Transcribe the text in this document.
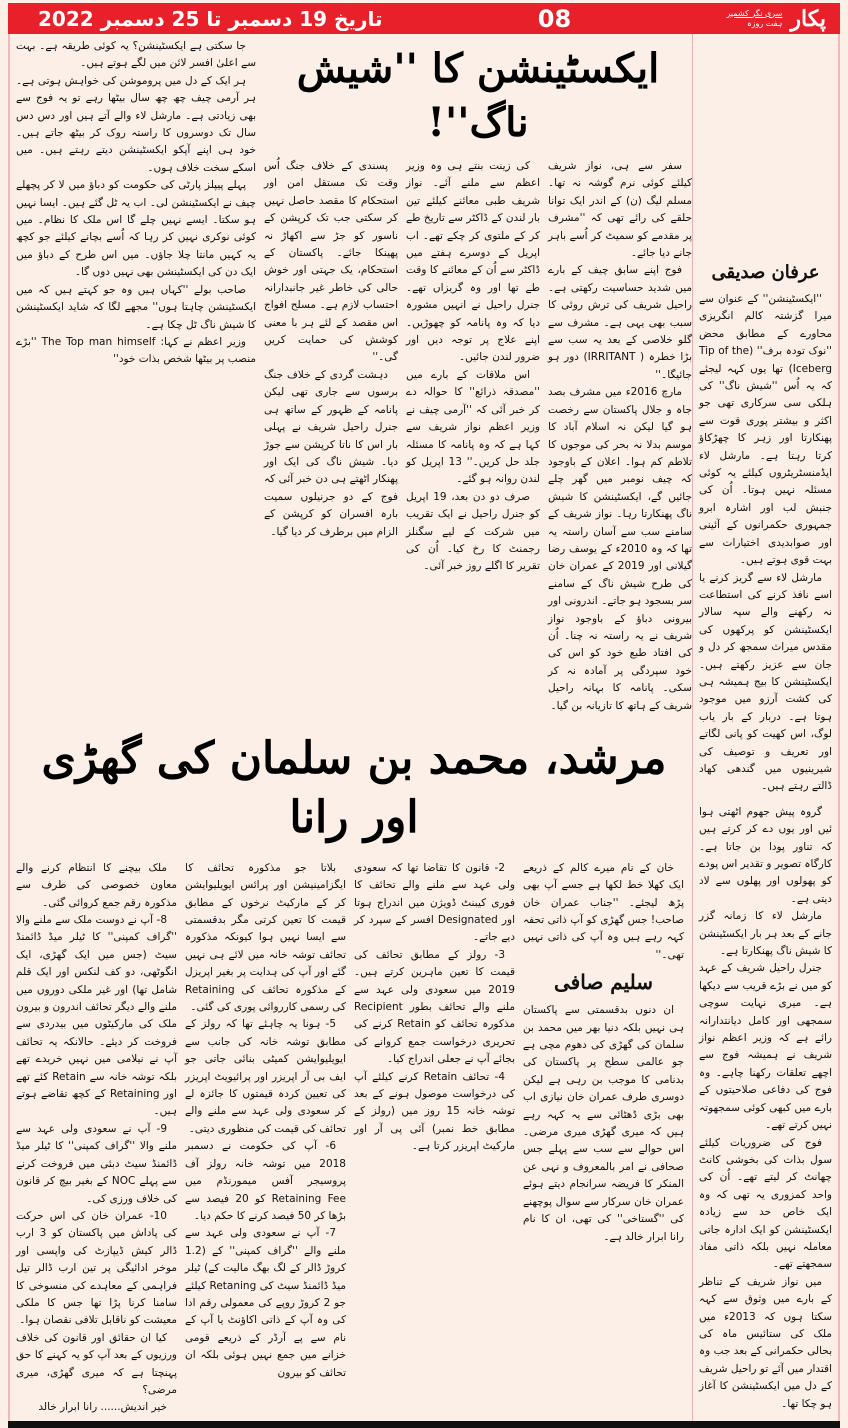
تاریخ 19 دسمبر تا 25 دسمبر 2022	08	پکار
سری نگر کشمیر
ہفت روزہ

جا سکتی ہے ایکسٹینشن؟ یہ کوئی طریقہ ہے۔ بہت سے اعلیٰ افسر لائن میں لگے ہوتے ہیں۔

ہر ایک کے دل میں پروموشن کی خواہش ہوتی ہے۔ ہر آرمی چیف چھ چھ سال بیٹھا رہے تو یہ فوج سے بھی زیادتی ہے۔ مارشل لاء والے آتے ہیں اور دس دس سال تک دوسروں کا راستہ روک کر بیٹھ جاتے ہیں۔ خود ہی اپنے آپکو ایکسٹینشن دیتے رہتے ہیں۔ میں اسکے سخت خلاف ہوں۔

پہلے پیپلز پارٹی کی حکومت کو دباؤ میں لا کر پچھلے چیف نے ایکسٹینشن لی۔ اب یہ ٹل گئے ہیں۔ ایسا نہیں ہو سکتا۔ ایسے نہیں چلے گا اس ملک کا نظام۔ میں کوئی نوکری نہیں کر رہا کہ اُسے بچانے کیلئے جو کچھ یہ کہیں مانتا چلا جاؤں۔ میں اس طرح کے دباؤ میں ایک دن کی ایکسٹینشن بھی نہیں دوں گا۔

صاحب بولے ''کہاں ہیں وہ جو کہتے ہیں کہ میں ایکسٹینشن چاہتا ہوں'' مجھے لگا کہ شاید ایکسٹینشن کا شیش ناگ ٹل چکا ہے۔

وزیر اعظم نے کہا: The Top man himself ''بڑے منصب پر بیٹھا شخص بذات خود''

ایکسٹینشن کا ''شیش ناگ''!

پسندی کے خلاف جنگ اُس وقت تک مستقل امن اور استحکام کا مقصد حاصل نہیں کر سکتی جب تک کرپشن کے ناسور کو جڑ سے اکھاڑ نہ پھینکا جائے۔ پاکستان کے استحکام، یک جہتی اور خوش حالی کی خاطر غیر جانبدارانہ احتساب لازم ہے۔ مسلح افواج اس مقصد کے لئے ہر با معنی کوشش کی حمایت کریں گی۔''

دہشت گردی کے خلاف جنگ برسوں سے جاری تھی لیکن پانامہ کے ظہور کے ساتھ ہی جنرل راحیل شریف نے پہلی بار اس کا ناتا کرپشن سے جوڑ دیا۔ شیش ناگ کی ایک اور پھنکار اٹھتے ہی دن خبر آئی کہ فوج کے دو جرنیلوں سمیت بارہ افسران کو کرپشن کے الزام میں برطرف کر دیا گیا۔

کی زینت بنتے ہی وہ وزیر اعظم سے ملنے آئے۔ نواز شریف طبی معائنے کیلئے تین بار لندن کے ڈاکٹر سے تاریخ طے کر کے ملتوی کر چکے تھے۔ اب اپریل کے دوسرے ہفتے میں ڈاکٹر سے اُن کے معائنے کا وقت طے تھا اور وہ گریزاں تھے۔ جنرل راحیل نے انہیں مشورہ دیا کہ وہ پانامہ کو چھوڑیں۔ اپنے علاج پر توجہ دیں اور ضرور لندن جائیں۔

اس ملاقات کے بارے میں ''مصدقہ ذرائع'' کا حوالہ دے کر خبر آئی کہ ''آرمی چیف نے وزیر اعظم نواز شریف سے کہا ہے کہ وہ پانامہ کا مسئلہ جلد حل کریں۔'' 13 اپریل کو لندن روانہ ہو گئے۔

صرف دو دن بعد، 19 اپریل کو جنرل راحیل نے ایک تقریب میں شرکت کے لیے سگنلز رجمنٹ کا رخ کیا۔ اُن کی تقریر کا اگلے روز خبر آئی۔

سفر سے ہی، نواز شریف کیلئے کوئی نرم گوشہ نہ تھا۔ مسلم لیگ (ن) کے اندر ایک توانا حلقے کی رائے تھی کہ ''مشرف پر مقدمے کو سمیٹ کر اُسے باہر جانے دیا جائے۔

فوج اپنے سابق چیف کے بارے میں شدید حساسیت رکھتی ہے۔ راحیل شریف کی ترش روئی کا سبب بھی یہی ہے۔ مشرف سے گلو خلاصی کے بعد یہ سب سے بڑا خطرہ ( IRRITANT) دور ہو جائیگا۔''

مارچ 2016ء میں مشرف بصد جاہ و جلال پاکستان سے رخصت ہو گیا لیکن نہ اسلام آباد کا موسم بدلا نہ بحر کی موجوں کا تلاطم کم ہوا۔ اعلان کے باوجود کہ چیف نومبر میں گھر چلے جائیں گے، ایکسٹینشن کا شیش ناگ پھنکارتا رہا۔ نواز شریف کے سامنے سب سے آسان راستہ یہ تھا کہ وہ 2010ء کے یوسف رضا گیلانی اور 2019 کے عمران خان کی طرح شیش ناگ کے سامنے سر بسجود ہو جاتے۔ اندرونی اور بیرونی دباؤ کے باوجود نواز شریف نے یہ راستہ نہ چنا۔ اُن کی افتاد طبع خود کو اس کی خود سپردگی پر آمادہ نہ کر سکی۔ پانامہ کا بہانہ راحیل شریف کے ہاتھ کا تازیانہ بن گیا۔

مرشد، محمد بن سلمان کی گھڑی اور رانا

ملک بیچنے کا انتظام کرنے والے معاون خصوصی کی طرف سے مذکورہ رقم جمع کروائی گئی۔

8- آپ نے دوست ملک سے ملنے والا ''گراف کمپنی'' کا ٹیلر میڈ ڈائمنڈ سیٹ (جس میں ایک گھڑی، ایک انگوٹھی، دو کف لنکس اور ایک قلم شامل تھا) اور غیر ملکی دوروں میں ملنے والے دیگر تحائف اندرون و بیرون ملک کی مارکیٹوں میں بیدردی سے فروخت کر دیئے۔ حالانکہ یہ تحائف آپ نے نیلامی میں نہیں خریدے تھے بلکہ توشہ خانہ سے Retain کئے تھے اور Retaining کے کچھ تقاضے ہوتے ہیں۔

9- آپ نے سعودی ولی عہد سے ملنے والا ''گراف کمپنی'' کا ٹیلر میڈ ڈائمنڈ سیٹ دبئی میں فروخت کرنے سے پہلے NOC کے بغیر بیچ کر قانون کی خلاف ورزی کی۔

10- عمران خان کی اس حرکت کی پاداش میں پاکستان کو 3 ارب ڈالر کیش ڈیپازٹ کی واپسی اور موخر ادائیگی پر تین ارب ڈالر تیل فراہمی کے معاہدے کی منسوخی کا سامنا کرنا پڑا تھا جس کا ملکی معیشت کو ناقابل تلافی نقصان ہوا۔

کیا ان حقائق اور قانون کی خلاف ورزیوں کے بعد آپ کو یہ کہنے کا حق پہنچتا ہے کہ میری گھڑی، میری مرضی؟

خیر اندیش...... رانا ابرار خالد

بلاتا جو مذکورہ تحائف کا ایگزامینیشن اور پرائس ایویلیوایشن کر کے مارکیٹ نرخوں کے مطابق قیمت کا تعین کرتی مگر بدقسمتی سے ایسا نہیں ہوا کیونکہ مذکورہ تحائف توشہ خانہ میں لائے ہی نہیں گئے اور آپ کی ہدایت پر بغیر اپریزل کے مذکورہ تحائف کی Retaining کی رسمی کارروائی پوری کی گئی۔

5- ہونا یہ چاہئے تھا کہ رولز کے مطابق توشہ خانہ کی جانب سے ایویلیوایشن کمیٹی بنائی جاتی جو ایف بی آر اپریزر اور پرائیویٹ اپریزر کی تعیین کردہ قیمتوں کا جائزہ لے کر سعودی ولی عہد سے ملنے والے تحائف کی قیمت کی منظوری دیتی۔

6- آپ کی حکومت نے دسمبر 2018 میں توشہ خانہ رولز آف پروسیجر آفس میمورنڈم میں Retaining Fee کو 20 فیصد سے بڑھا کر 50 فیصد کرنے کا حکم دیا۔

7- آپ نے سعودی ولی عہد سے ملنے والے ''گراف کمپنی'' کے (1.2 کروڑ ڈالر کے لگ بھگ مالیت کے) ٹیلر میڈ ڈائمنڈ سیٹ کی Retaning کیلئے جو 2 کروڑ روپے کی معمولی رقم ادا کی وہ آپ کے ذاتی اکاؤنٹ یا آپ کے نام سے پے آرڈر کے ذریعے قومی خزانے میں جمع نہیں ہوئی بلکہ ان تحائف کو بیرون

2- قانون کا تقاضا تھا کہ سعودی ولی عہد سے ملنے والے تحائف کا فوری کیبنٹ ڈویژن میں اندراج ہوتا اور Designated افسر کے سپرد کر دیے جاتے۔

3- رولز کے مطابق تحائف کی قیمت کا تعین ماہرین کرتے ہیں۔ 2019 میں سعودی ولی عہد سے ملنے والے تحائف بطور Recipient مذکورہ تحائف کو Retain کرنے کی تحریری درخواست جمع کروانے کی بجائے آپ نے جعلی اندراج کیا۔

4- تحائف Retain کرنے کیلئے آپ کی درخواست موصول ہونے کے بعد توشہ خانہ 15 روز میں (رولز کے مطابق خط نمبر) آئی پی آر اور مارکیٹ اپریزر کرتا ہے۔

خان کے نام میرے کالم کے ذریعے ایک کھلا خط لکھا ہے جسے آپ بھی پڑھ لیجئے۔ ''جناب عمران خان صاحب! جس گھڑی کو آپ ذاتی تحفہ کہہ رہے ہیں وہ آپ کی ذاتی نہیں تھی۔''

سلیم صافی

ان دنوں بدقسمتی سے پاکستان ہی نہیں بلکہ دنیا بھر میں محمد بن سلمان کی گھڑی کی دھوم مچی ہے جو عالمی سطح پر پاکستان کی بدنامی کا موجب بن رہی ہے لیکن دوسری طرف عمران خان نیازی اب بھی بڑی ڈھٹائی سے یہ کہہ رہے ہیں کہ میری گھڑی میری مرضی۔ اس حوالے سے سب سے پہلے جس صحافی نے امر بالمعروف و نہی عن المنکر کا فریضہ سرانجام دیتے ہوئے عمران خان سرکار سے سوال پوچھنے کی ''گستاخی'' کی تھی، ان کا نام رانا ابرار خالد ہے۔

عرفان صدیقی

''ایکسٹینشن'' کے عنوان سے میرا گزشتہ کالم انگریزی محاورے کے مطابق محض ''نوک تودہ برف'' (Tip of the Iceberg) تھا یوں کہہ لیجئے کہ یہ اُس ''شیش ناگ'' کی ہلکی سی سرکاری تھی جو اکثر و بیشتر پوری قوت سے پھنکارتا اور زہر کا چھڑکاؤ کرتا رہتا ہے۔ مارشل لاء ایڈمنسٹریٹروں کیلئے یہ کوئی مسئلہ نہیں ہوتا۔ اُن کی جنبش لب اور اشارہ ابرو جمہوری حکمرانوں کے آئینی اور صوابدیدی اختیارات سے بہت قوی ہوتے ہیں۔

مارشل لاء سے گریز کرنے یا اسے نافذ کرنے کی استطاعت نہ رکھنے والے سپہ سالار ایکسٹینشن کو پرکھوں کی مقدس میراث سمجھ کر دل و جان سے عزیز رکھتے ہیں۔ ایکسٹینشن کا بیج ہمیشہ ہی کی کشت آرزو میں موجود ہوتا ہے۔ دربار کے بار یاب لوگ، اس کھیت کو پانی لگاتے اور تعریف و توصیف کی شیرینیوں میں گندھی کھاد ڈالتے رہتے ہیں۔

گروہ پیش جھوم اٹھتی ہوا ئیں اور یوں دے کر کرتے ہیں کہ تناور پودا بن جاتا ہے۔ کارگاہ تصویر و تقدیر اس پودے کو پھولوں اور پھلوں سے لاد دیتی ہے۔

مارشل لاء کا زمانہ گزر جانے کے بعد ہر بار ایکسٹینشن کا شیش ناگ پھنکارتا ہے۔

جنرل راحیل شریف کے عہد کو میں نے بڑے قریب سے دیکھا ہے۔ میری نہایت سوچی سمجھی اور کامل دیانتدارانہ رائے ہے کہ وزیر اعظم نواز شریف نے ہمیشہ فوج سے اچھے تعلقات رکھنا چاہے۔ وہ فوج کی دفاعی صلاحیتوں کے بارے میں کبھی کوئی سمجھوتہ نہیں کرتے تھے۔

فوج کی ضروریات کیلئے سول بذات کی بخوشی کانٹ چھانٹ کر لیتے تھے۔ اُن کی واحد کمزوری یہ تھی کہ وہ ایک خاص حد سے زیادہ ایکسٹینشن کو ایک ادارہ جاتی معاملہ نہیں بلکہ ذاتی مفاد سمجھتے تھے۔

میں نواز شریف کے تناظر کے بارے میں وثوق سے کہہ سکتا ہوں کہ 2013ء میں ملک کی ستائیس ماہ کی بحالی حکمرانی کے بعد جب وہ اقتدار میں آئے تو راحیل شریف کے دل میں ایکسٹینشن کا آغاز ہو چکا تھا۔
